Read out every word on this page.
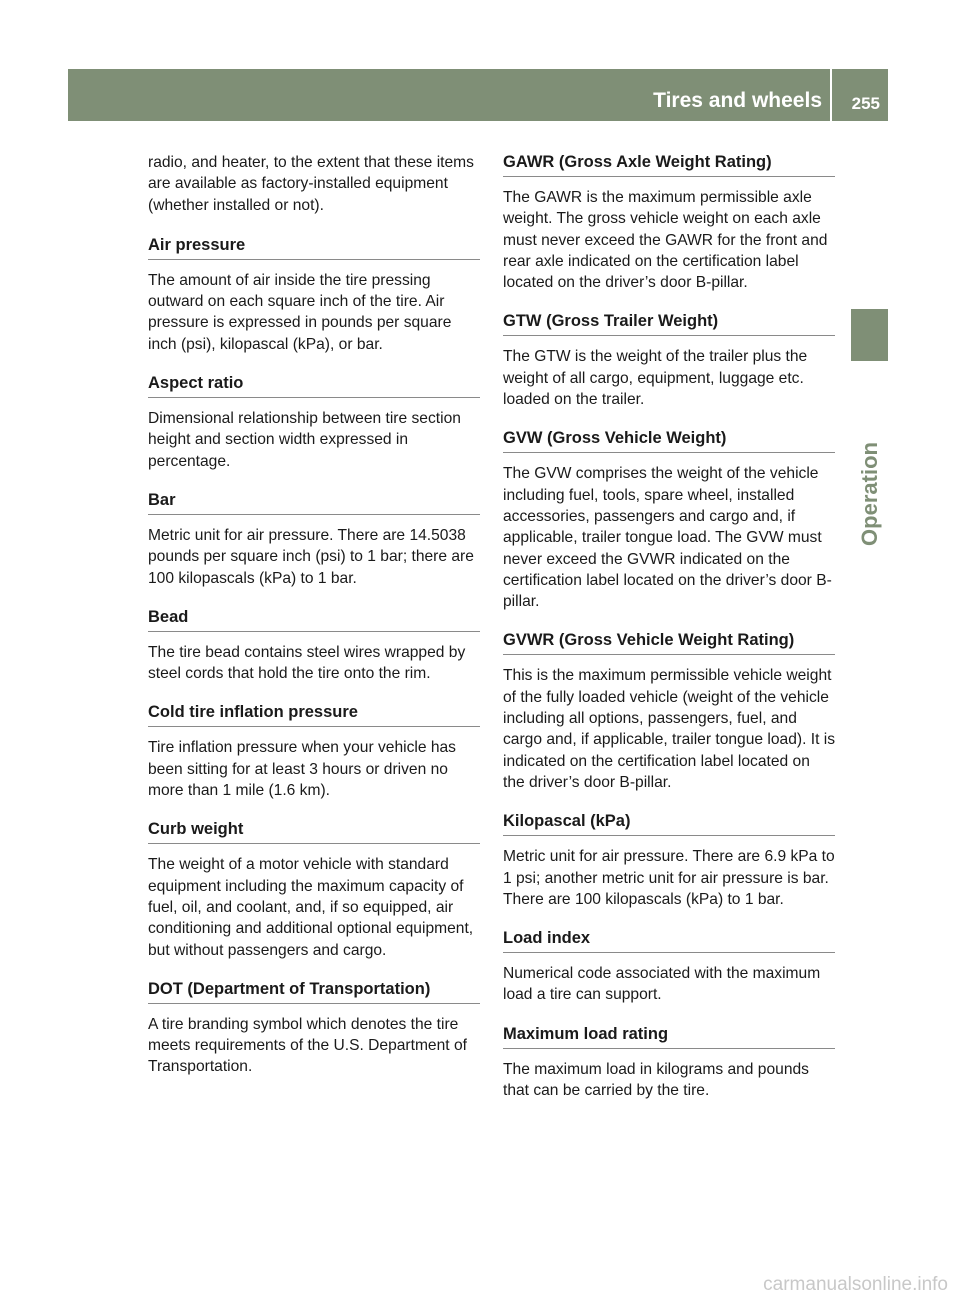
Tires and wheels 255
Operation

radio, and heater, to the extent that these items are available as factory-installed equipment (whether installed or not).

Air pressure
The amount of air inside the tire pressing outward on each square inch of the tire. Air pressure is expressed in pounds per square inch (psi), kilopascal (kPa), or bar.
Aspect ratio
Dimensional relationship between tire section height and section width expressed in percentage.
Bar
Metric unit for air pressure. There are 14.5038 pounds per square inch (psi) to 1 bar; there are 100 kilopascals (kPa) to 1 bar.
Bead
The tire bead contains steel wires wrapped by steel cords that hold the tire onto the rim.
Cold tire inflation pressure
Tire inflation pressure when your vehicle has been sitting for at least 3 hours or driven no more than 1 mile (1.6 km).
Curb weight
The weight of a motor vehicle with standard equipment including the maximum capacity of fuel, oil, and coolant, and, if so equipped, air conditioning and additional optional equipment, but without passengers and cargo.
DOT (Department of Transportation)
A tire branding symbol which denotes the tire meets requirements of the U.S. Department of Transportation.
GAWR (Gross Axle Weight Rating)
The GAWR is the maximum permissible axle weight. The gross vehicle weight on each axle must never exceed the GAWR for the front and rear axle indicated on the certification label located on the driver’s door B-pillar.
GTW (Gross Trailer Weight)
The GTW is the weight of the trailer plus the weight of all cargo, equipment, luggage etc. loaded on the trailer.
GVW (Gross Vehicle Weight)
The GVW comprises the weight of the vehicle including fuel, tools, spare wheel, installed accessories, passengers and cargo and, if applicable, trailer tongue load. The GVW must never exceed the GVWR indicated on the certification label located on the driver’s door B-pillar.
GVWR (Gross Vehicle Weight Rating)
This is the maximum permissible vehicle weight of the fully loaded vehicle (weight of the vehicle including all options, passengers, fuel, and cargo and, if applicable, trailer tongue load). It is indicated on the certification label located on the driver’s door B-pillar.
Kilopascal (kPa)
Metric unit for air pressure. There are 6.9 kPa to 1 psi; another metric unit for air pressure is bar. There are 100 kilopascals (kPa) to 1 bar.
Load index
Numerical code associated with the maximum load a tire can support.
Maximum load rating
The maximum load in kilograms and pounds that can be carried by the tire.
carmanualsonline.info
